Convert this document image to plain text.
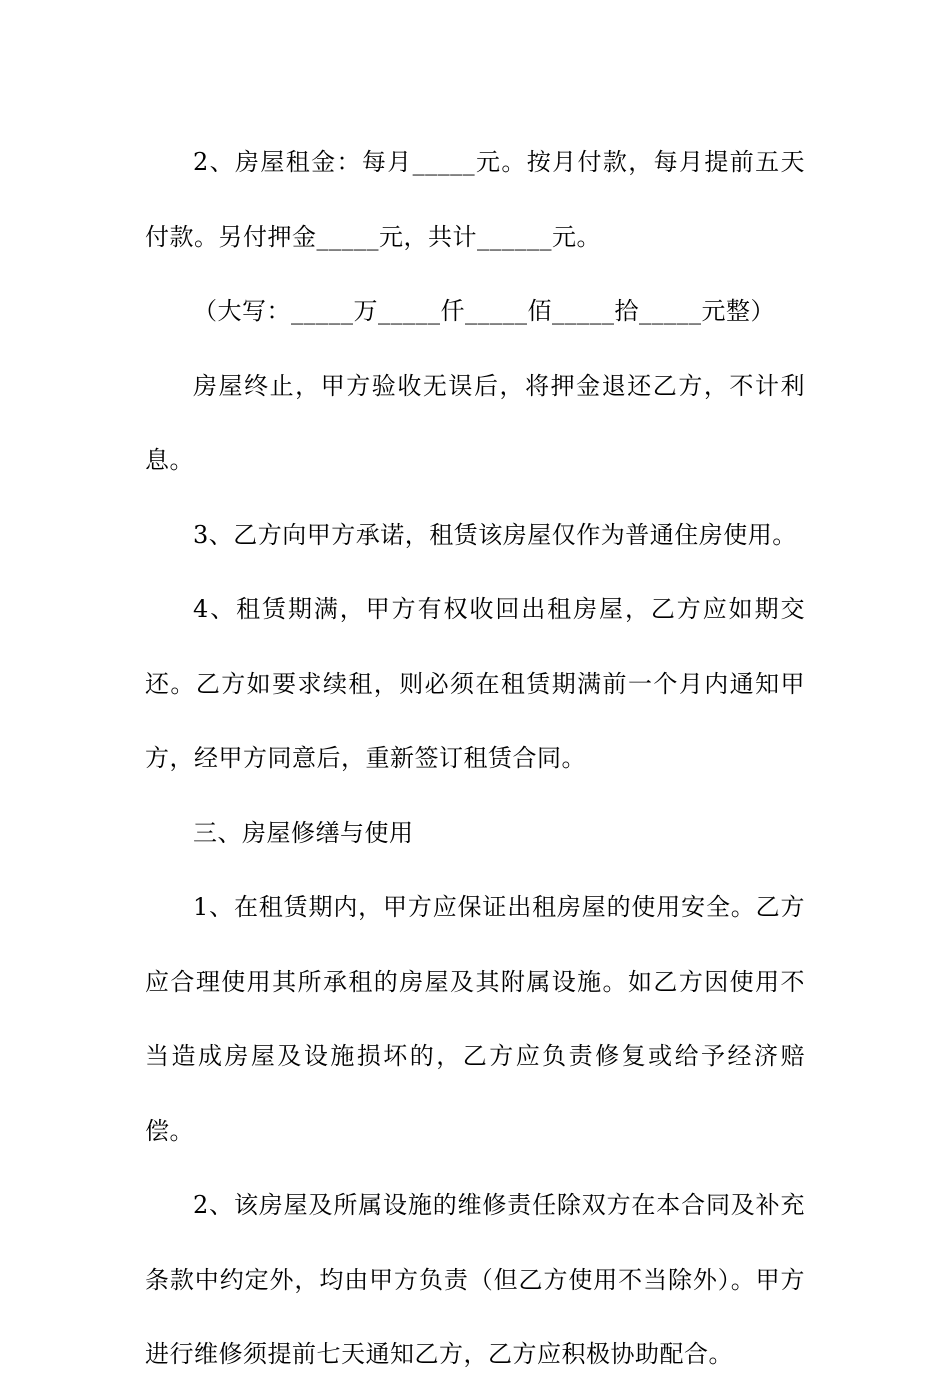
2、房屋租金：每月_____元。按月付款，每月提前五天付款。另付押金_____元，共计______元。

（大写：_____万_____仟_____佰_____拾_____元整）

房屋终止，甲方验收无误后，将押金退还乙方，不计利息。

3、乙方向甲方承诺，租赁该房屋仅作为普通住房使用。

4、租赁期满，甲方有权收回出租房屋，乙方应如期交还。乙方如要求续租，则必须在租赁期满前一个月内通知甲方，经甲方同意后，重新签订租赁合同。

三、房屋修缮与使用

1、在租赁期内，甲方应保证出租房屋的使用安全。乙方应合理使用其所承租的房屋及其附属设施。如乙方因使用不当造成房屋及设施损坏的，乙方应负责修复或给予经济赔偿。

2、该房屋及所属设施的维修责任除双方在本合同及补充条款中约定外，均由甲方负责（但乙方使用不当除外）。甲方进行维修须提前七天通知乙方，乙方应积极协助配合。
